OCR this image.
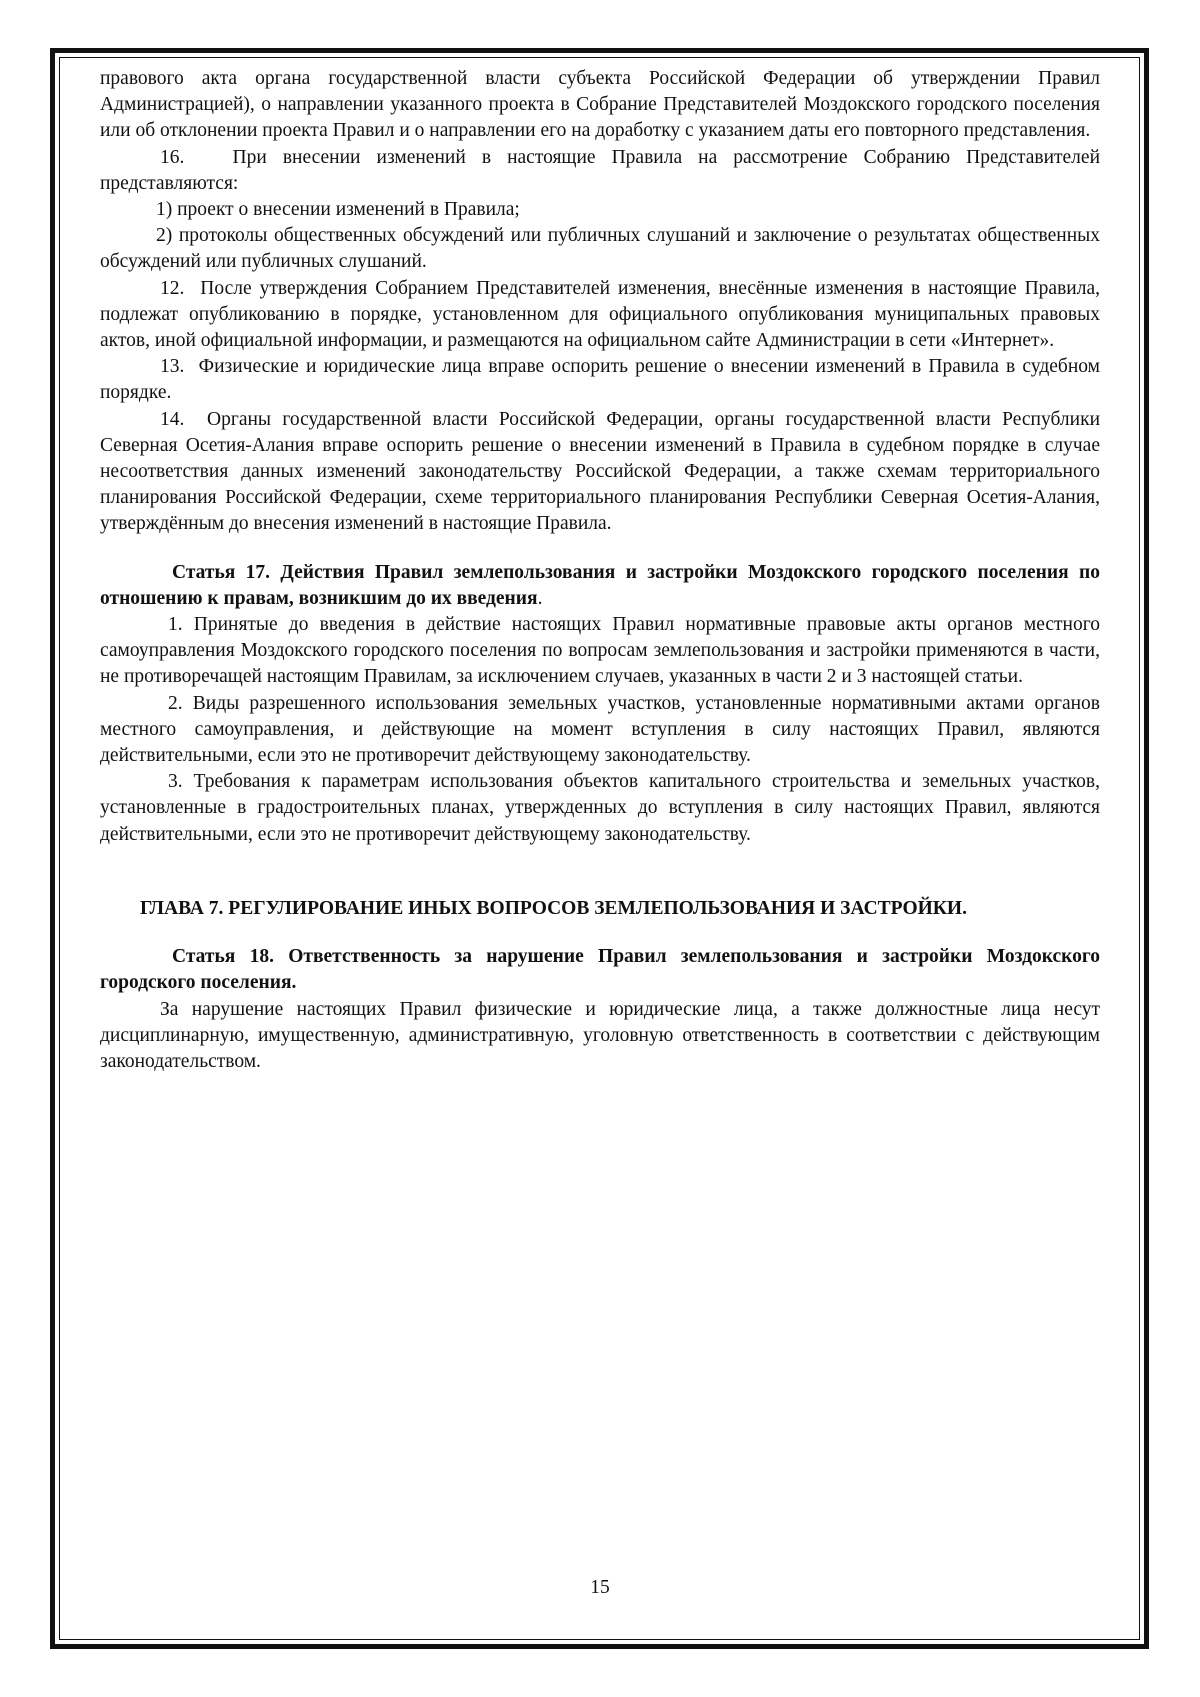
правового акта органа государственной власти субъекта Российской Федерации об утверждении Правил Администрацией), о направлении указанного проекта в Собрание Представителей Моздокского городского поселения или об отклонении проекта Правил и о направлении его на доработку с указанием даты его повторного представления.

16.   При внесении изменений в настоящие Правила на рассмотрение Собранию Представителей представляются:

1) проект о внесении изменений в Правила;

2) протоколы общественных обсуждений или публичных слушаний и заключение о результатах общественных обсуждений или публичных слушаний.

12.  После утверждения Собранием Представителей изменения, внесённые изменения в настоящие Правила, подлежат опубликованию в порядке, установленном для официального опубликования муниципальных правовых актов, иной официальной информации, и размещаются на официальном сайте Администрации в сети «Интернет».

13.  Физические и юридические лица вправе оспорить решение о внесении изменений в Правила в судебном порядке.

14.  Органы государственной власти Российской Федерации, органы государственной власти Республики Северная Осетия-Алания вправе оспорить решение о внесении изменений в Правила в судебном порядке в случае несоответствия данных изменений законодательству Российской Федерации, а также схемам территориального планирования Российской Федерации, схеме территориального планирования Республики Северная Осетия-Алания, утверждённым до внесения изменений в настоящие Правила.

Статья 17. Действия Правил землепользования и застройки Моздокского городского поселения по отношению к правам, возникшим до их введения.

1. Принятые до введения в действие настоящих Правил нормативные правовые акты органов местного самоуправления Моздокского городского поселения по вопросам землепользования и застройки применяются в части, не противоречащей настоящим Правилам, за исключением случаев, указанных в части 2 и 3 настоящей статьи.

2. Виды разрешенного использования земельных участков, установленные нормативными актами органов местного самоуправления, и действующие на момент вступления в силу настоящих Правил, являются действительными, если это не противоречит действующему законодательству.

3. Требования к параметрам использования объектов капитального строительства и земельных участков, установленные в градостроительных планах, утвержденных до вступления в силу настоящих Правил, являются действительными, если это не противоречит действующему законодательству.

ГЛАВА 7. РЕГУЛИРОВАНИЕ ИНЫХ ВОПРОСОВ ЗЕМЛЕПОЛЬЗОВАНИЯ И ЗАСТРОЙКИ.

Статья 18. Ответственность за нарушение Правил землепользования и застройки Моздокского городского поселения.

За нарушение настоящих Правил физические и юридические лица, а также должностные лица несут дисциплинарную, имущественную, административную, уголовную ответственность в соответствии с действующим законодательством.

15
